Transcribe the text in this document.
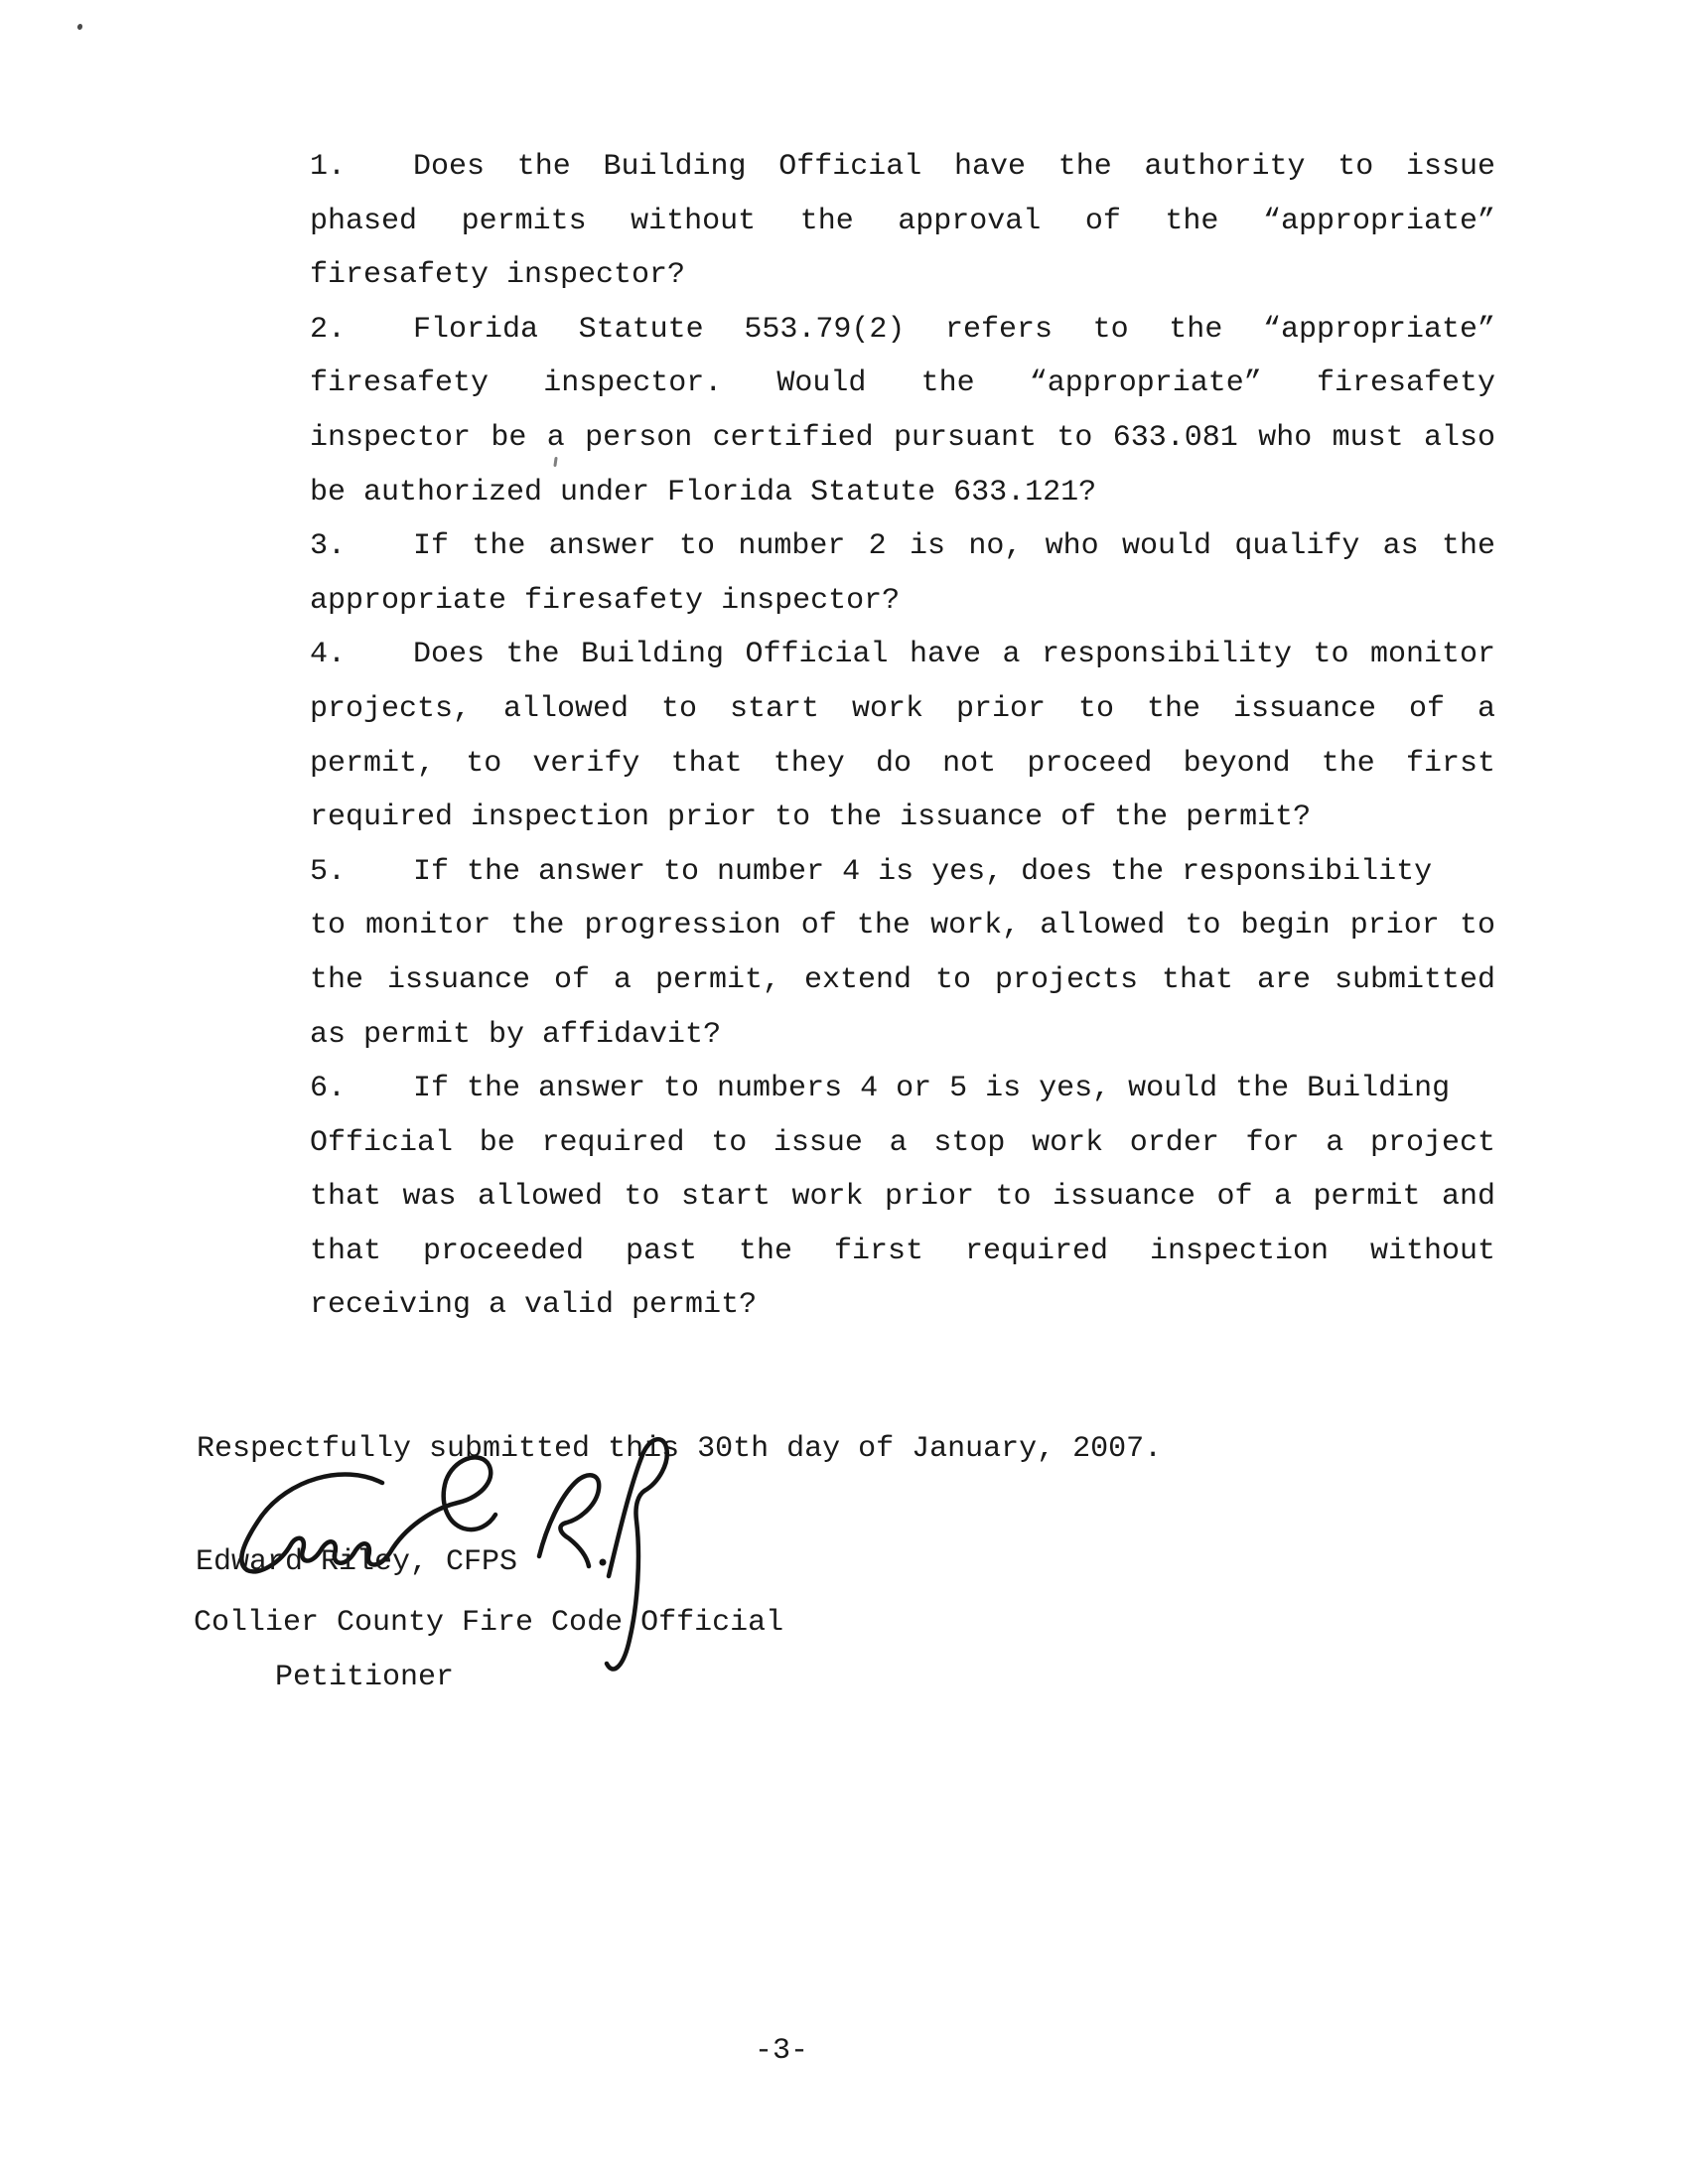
1. Does the Building Official have the authority to issue
phased permits without the approval of the “appropriate”
firesafety inspector?
2. Florida Statute 553.79(2) refers to the “appropriate”
firesafety inspector. Would the “appropriate” firesafety
inspector be a person certified pursuant to 633.081 who must also
be authorized under Florida Statute 633.121?
3. If the answer to number 2 is no, who would qualify as the
appropriate firesafety inspector?
4. Does the Building Official have a responsibility to monitor
projects, allowed to start work prior to the issuance of a
permit, to verify that they do not proceed beyond the first
required inspection prior to the issuance of the permit?
5. If the answer to number 4 is yes, does the responsibility
to monitor the progression of the work, allowed to begin prior to
the issuance of a permit, extend to projects that are submitted
as permit by affidavit?
6. If the answer to numbers 4 or 5 is yes, would the Building
Official be required to issue a stop work order for a project
that was allowed to start work prior to issuance of a permit and
that proceeded past the first required inspection without
receiving a valid permit?
Respectfully submitted this 30th day of January, 2007.
Edward Riley, CFPS
Collier County Fire Code Official
Petitioner
-3-
